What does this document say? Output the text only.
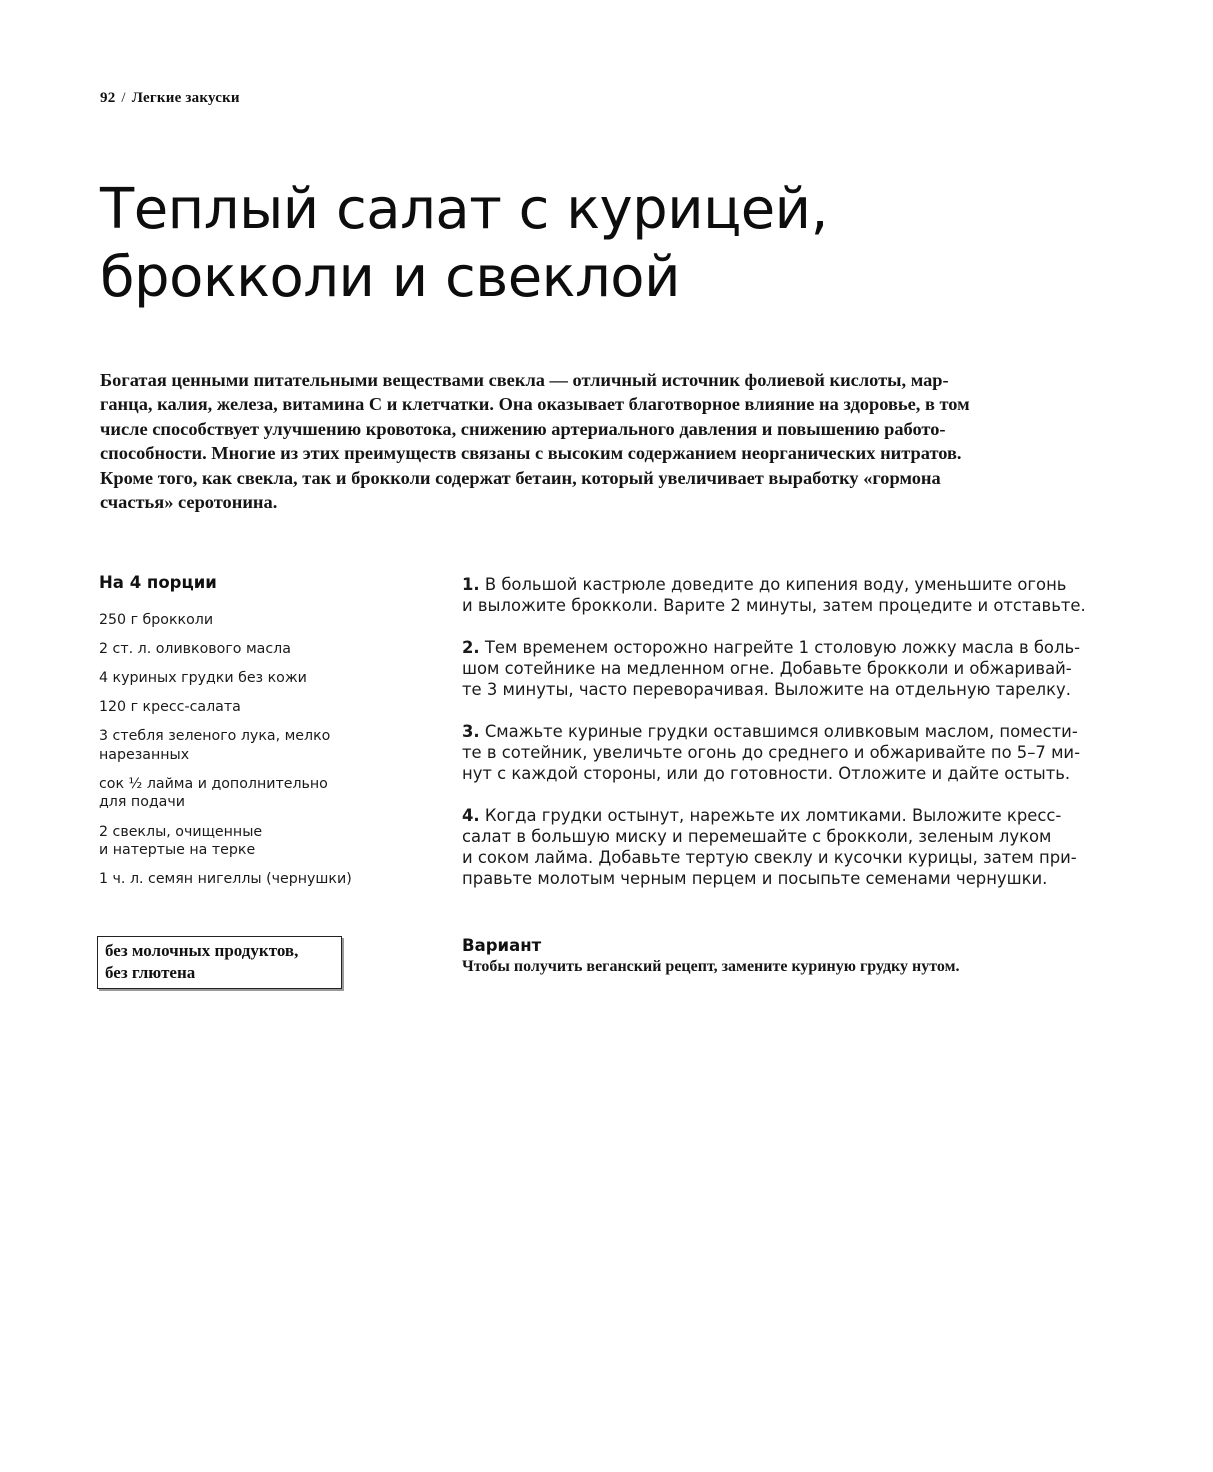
92 / Легкие закуски
Теплый салат с курицей,
брокколи и свеклой
Богатая ценными питательными веществами свекла — отличный источник фолиевой кислоты, мар-
ганца, калия, железа, витамина С и клетчатки. Она оказывает благотворное влияние на здоровье, в том
числе способствует улучшению кровотока, снижению артериального давления и повышению работо-
способности. Многие из этих преимуществ связаны с высоким содержанием неорганических нитратов.
Кроме того, как свекла, так и брокколи содержат бетаин, который увеличивает выработку «гормона
счастья» серотонина.
На 4 порции
250 г брокколи
2 ст. л. оливкового масла
4 куриных грудки без кожи
120 г кресс-салата
3 стебля зеленого лука, мелко
нарезанных
сок ½ лайма и дополнительно
для подачи
2 свеклы, очищенные
и натертые на терке
1 ч. л. семян нигеллы (чернушки)
без молочных продуктов,
без глютена
1. В большой кастрюле доведите до кипения воду, уменьшите огонь
и выложите брокколи. Варите 2 минуты, затем процедите и отставьте.
2. Тем временем осторожно нагрейте 1 столовую ложку масла в боль-
шом сотейнике на медленном огне. Добавьте брокколи и обжаривай-
те 3 минуты, часто переворачивая. Выложите на отдельную тарелку.
3. Смажьте куриные грудки оставшимся оливковым маслом, помести-
те в сотейник, увеличьте огонь до среднего и обжаривайте по 5–7 ми-
нут с каждой стороны, или до готовности. Отложите и дайте остыть.
4. Когда грудки остынут, нарежьте их ломтиками. Выложите кресс-
салат в большую миску и перемешайте с брокколи, зеленым луком
и соком лайма. Добавьте тертую свеклу и кусочки курицы, затем при-
правьте молотым черным перцем и посыпьте семенами чернушки.
Вариант
Чтобы получить веганский рецепт, замените куриную грудку нутом.
